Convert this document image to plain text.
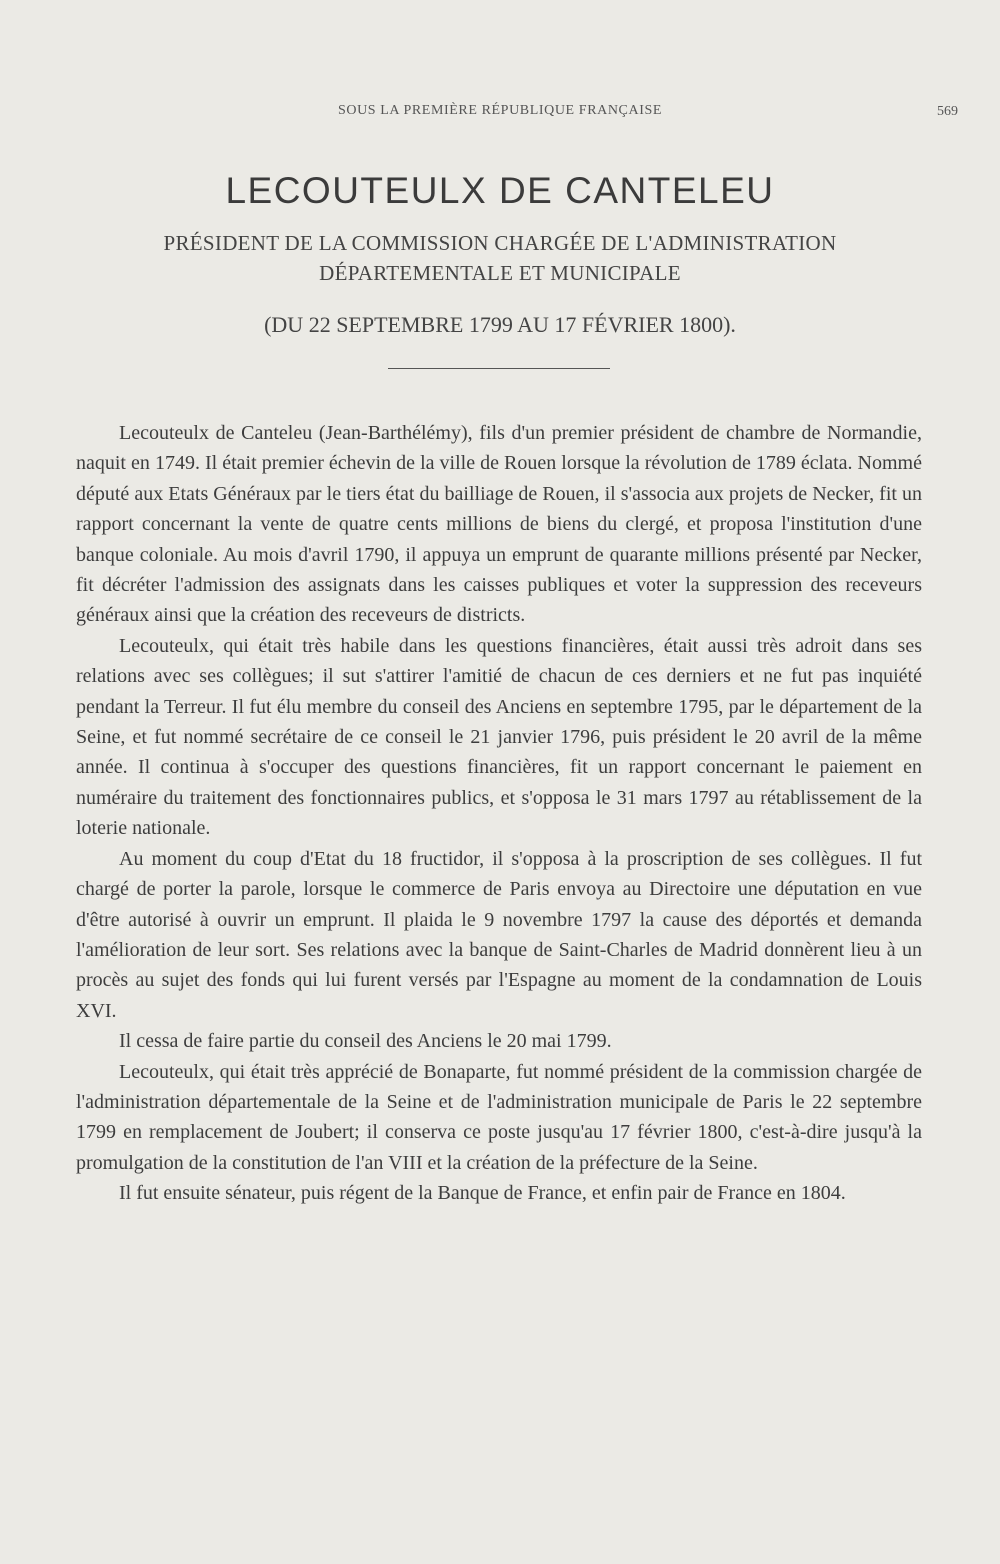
SOUS LA PREMIÈRE RÉPUBLIQUE FRANÇAISE	569
LECOUTEULX DE CANTELEU
PRÉSIDENT DE LA COMMISSION CHARGÉE DE L'ADMINISTRATION
DÉPARTEMENTALE ET MUNICIPALE
(DU 22 SEPTEMBRE 1799 AU 17 FÉVRIER 1800).

Lecouteulx de Canteleu (Jean-Barthélémy), fils d'un premier président de chambre de Normandie, naquit en 1749. Il était premier échevin de la ville de Rouen lorsque la révolution de 1789 éclata. Nommé député aux Etats Généraux par le tiers état du bailliage de Rouen, il s'associa aux projets de Necker, fit un rapport concernant la vente de quatre cents millions de biens du clergé, et proposa l'institution d'une banque coloniale. Au mois d'avril 1790, il appuya un emprunt de quarante millions présenté par Necker, fit décréter l'admission des assignats dans les caisses publiques et voter la suppression des receveurs généraux ainsi que la création des receveurs de districts.

Lecouteulx, qui était très habile dans les questions financières, était aussi très adroit dans ses relations avec ses collègues; il sut s'attirer l'amitié de chacun de ces derniers et ne fut pas inquiété pendant la Terreur. Il fut élu membre du conseil des Anciens en septembre 1795, par le département de la Seine, et fut nommé secrétaire de ce conseil le 21 janvier 1796, puis président le 20 avril de la même année. Il continua à s'occuper des questions financières, fit un rapport concernant le paiement en numéraire du traitement des fonctionnaires publics, et s'opposa le 31 mars 1797 au rétablissement de la loterie nationale.

Au moment du coup d'Etat du 18 fructidor, il s'opposa à la proscription de ses collègues. Il fut chargé de porter la parole, lorsque le commerce de Paris envoya au Directoire une députation en vue d'être autorisé à ouvrir un emprunt. Il plaida le 9 novembre 1797 la cause des déportés et demanda l'amélioration de leur sort. Ses relations avec la banque de Saint-Charles de Madrid donnèrent lieu à un procès au sujet des fonds qui lui furent versés par l'Espagne au moment de la condamnation de Louis XVI.

Il cessa de faire partie du conseil des Anciens le 20 mai 1799.

Lecouteulx, qui était très apprécié de Bonaparte, fut nommé président de la commission chargée de l'administration départementale de la Seine et de l'administration municipale de Paris le 22 septembre 1799 en remplacement de Joubert; il conserva ce poste jusqu'au 17 février 1800, c'est-à-dire jusqu'à la promulgation de la constitution de l'an VIII et la création de la préfecture de la Seine.

Il fut ensuite sénateur, puis régent de la Banque de France, et enfin pair de France en 1804.
